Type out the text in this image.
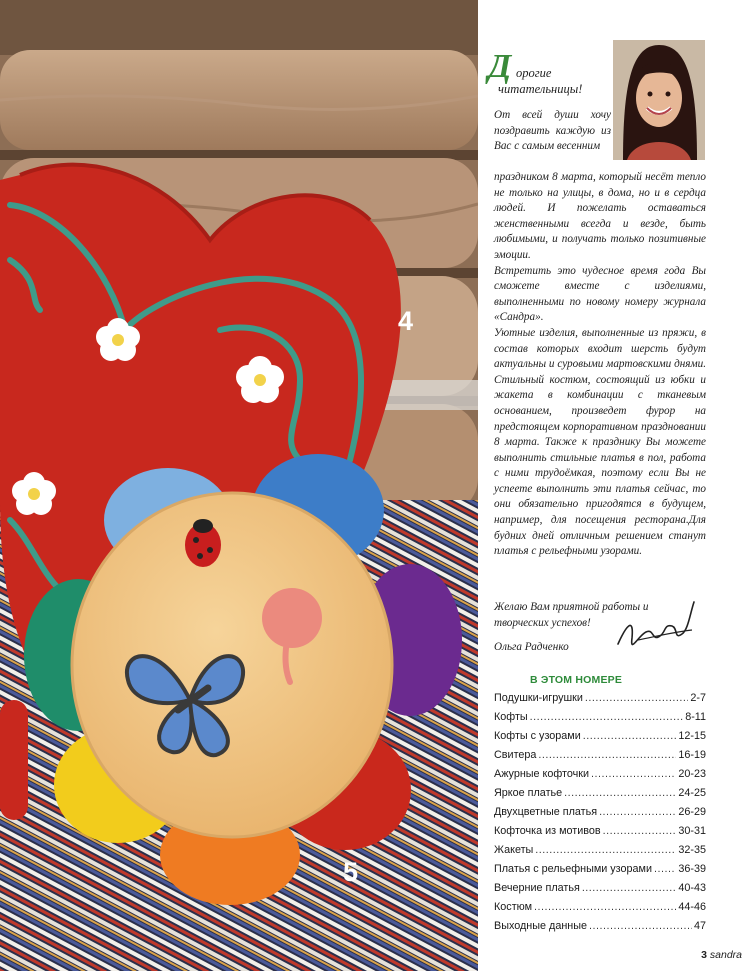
4
5
Д орогие
читательницы!
От всей души хочу поздравить каждую из Вас с самым весенним

праздником 8 марта, который несёт тепло не только на улицы, в дома, но и в сердца людей. И пожелать оставаться женственными всегда и везде, быть любимыми, и получать только позитивные эмоции.

Встретить это чудесное время года Вы сможете вместе с изделиями, выполненными по новому номеру журнала «Сандра».

Уютные изделия, выполненные из пряжи, в состав которых входит шерсть будут актуальны и суровыми мартовскими днями.

Стильный костюм, состоящий из юбки и жакета в комбинации с тканевым основанием, произведет фурор на предстоящем корпоративном праздновании 8 марта. Также к празднику Вы можете выполнить стильные платья в пол, работа с ними трудоёмкая, поэтому если Вы не успеете выполнить эти платья сейчас, то они обязательно пригодятся в будущем, например, для посещения ресторана.Для будних дней отличным решением станут платья с рельефными узорами.

Желаю Вам приятной работы и творческих успехов!
Ольга Радченко
В ЭТОМ НОМЕРЕ
Подушки-игрушки .....	2-7
Кофты .....	8-11
Кофты с узорами .....	12-15
Свитера .....	16-19
Ажурные кофточки .....	20-23
Яркое платье .....	24-25
Двухцветные платья .....	26-29
Кофточка из мотивов .....	30-31
Жакеты .....	32-35
Платья с рельефными узорами ..... 36-39
Вечерние платья .....	40-43
Костюм .....	44-46
Выходные данные .....	47
3 sandra
